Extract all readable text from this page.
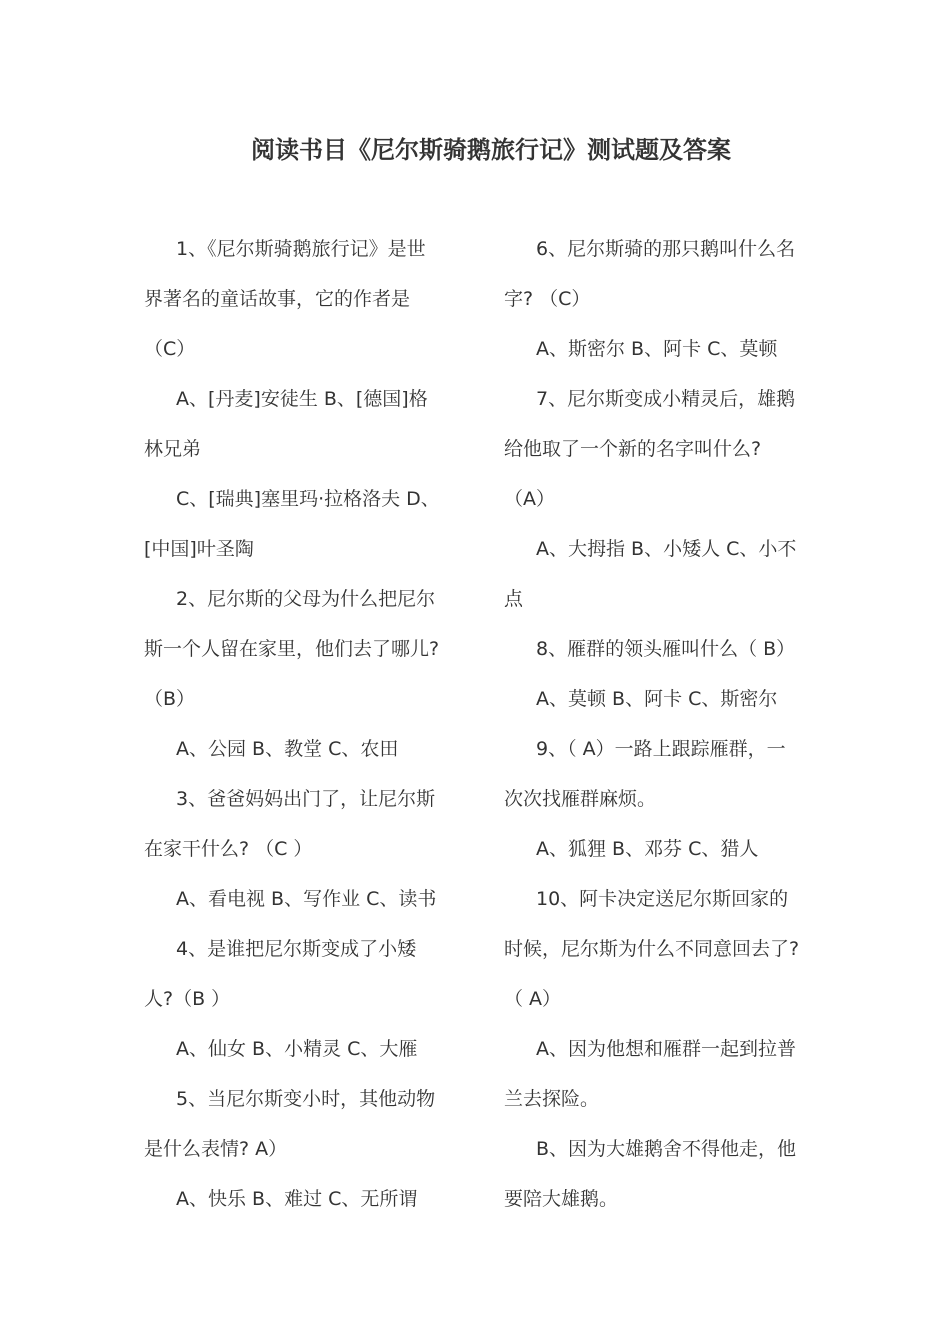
阅读书目《尼尔斯骑鹅旅行记》测试题及答案

1、《尼尔斯骑鹅旅行记》是世界著名的童话故事，它的作者是（C）

A、[丹麦]安徒生 B、[德国]格林兄弟

C、[瑞典]塞里玛·拉格洛夫 D、[中国]叶圣陶

2、尼尔斯的父母为什么把尼尔斯一个人留在家里，他们去了哪儿?（B）

A、公园 B、教堂 C、农田

3、爸爸妈妈出门了，让尼尔斯在家干什么? （C ）

A、看电视 B、写作业 C、读书

4、是谁把尼尔斯变成了小矮人?（B ）

A、仙女 B、小精灵 C、大雁

5、当尼尔斯变小时，其他动物是什么表情? A）

A、快乐 B、难过 C、无所谓

6、尼尔斯骑的那只鹅叫什么名字? （C）

A、斯密尔 B、阿卡 C、莫顿

7、尼尔斯变成小精灵后，雄鹅给他取了一个新的名字叫什么? （A）

A、大拇指 B、小矮人 C、小不点

8、雁群的领头雁叫什么（ B）

A、莫顿 B、阿卡 C、斯密尔

9、（ A）一路上跟踪雁群，一次次找雁群麻烦。

A、狐狸 B、邓芬 C、猎人

10、阿卡决定送尼尔斯回家的时候，尼尔斯为什么不同意回去了?（ A）

A、因为他想和雁群一起到拉普兰去探险。

B、因为大雄鹅舍不得他走，他要陪大雄鹅。
